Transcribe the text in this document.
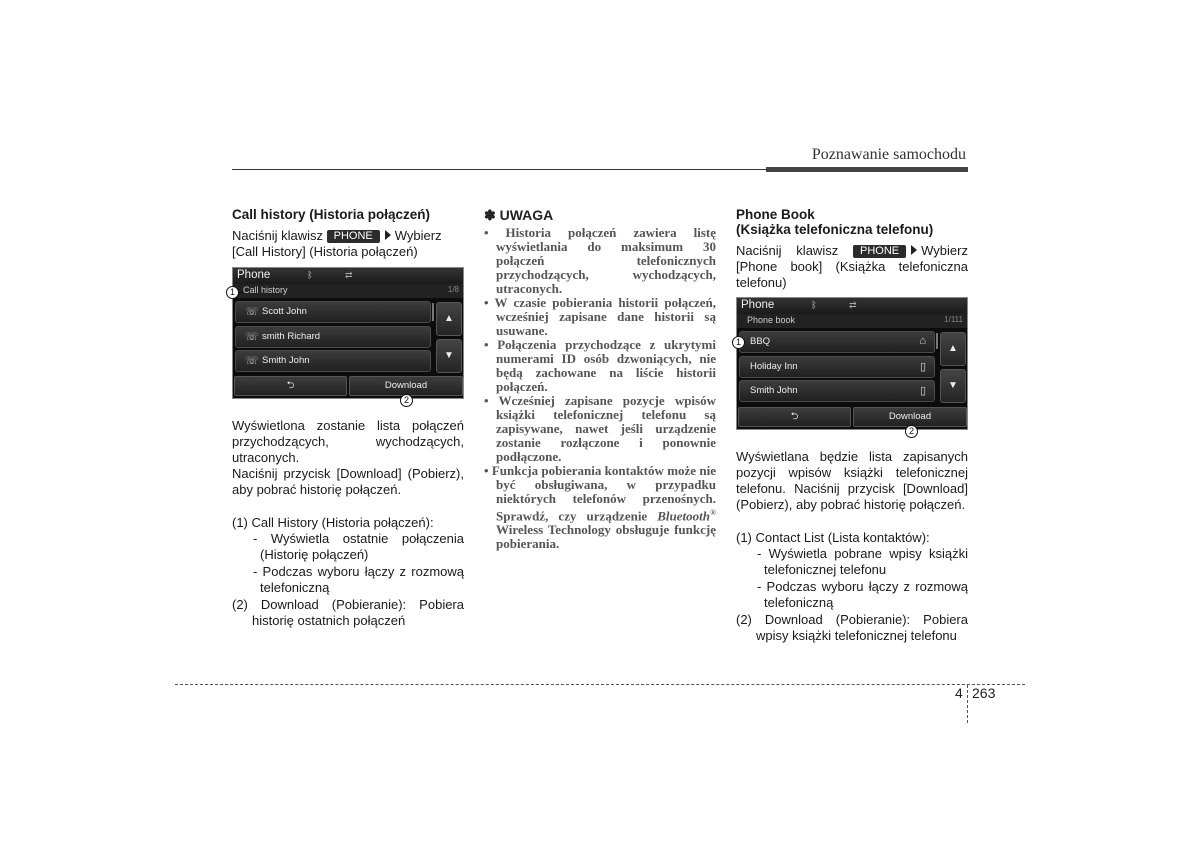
Poznawanie samochodu
Call history (Historia połączeń)

Naciśnij klawisz PHONE Wybierz [Call History] (Historia połączeń)

Phone	ᛒ	⇄
Call history	1/8
☏ Scott John
☏ smith Richard
☏ Smith John
▲
▼
⮌	Download
1
2

Wyświetlona zostanie lista połączeń przychodzących, wychodzących, utraconych.

Naciśnij przycisk [Download] (Pobierz), aby pobrać historię połączeń.

(1) Call History (Historia połączeń):

- Wyświetla ostatnie połączenia (Historię połączeń)

- Podczas wyboru łączy z rozmową telefoniczną

(2) Download (Pobieranie): Pobiera historię ostatnich połączeń

✽ UWAGA

• Historia połączeń zawiera listę wyświetlania do maksimum 30 połączeń telefonicznych przychodzących, wychodzących, utraconych.

• W czasie pobierania historii połączeń, wcześniej zapisane dane historii są usuwane.

• Połączenia przychodzące z ukrytymi numerami ID osób dzwoniących, nie będą zachowane na liście historii połączeń.

• Wcześniej zapisane pozycje wpisów książki telefonicznej telefonu są zapisywane, nawet jeśli urządzenie zostanie rozłączone i ponownie podłączone.

• Funkcja pobierania kontaktów może nie być obsługiwana, w przypadku niektórych telefonów przenośnych. Sprawdź, czy urządzenie Bluetooth® Wireless Technology obsługuje funkcję pobierania.

Phone Book
(Książka telefoniczna telefonu)

Naciśnij klawisz PHONE Wybierz [Phone book] (Książka telefoniczna telefonu)

Phone	ᛒ	⇄
Phone book	1/111
BBQ	⌂
Holiday Inn	▯
Smith John	▯
▲
▼
⮌	Download
1
2

Wyświetlana będzie lista zapisanych pozycji wpisów książki telefonicznej telefonu. Naciśnij przycisk [Download] (Pobierz), aby pobrać historię połączeń.

(1) Contact List (Lista kontaktów):

- Wyświetla pobrane wpisy książki telefonicznej telefonu

- Podczas wyboru łączy z rozmową telefoniczną

(2) Download (Pobieranie): Pobiera wpisy książki telefonicznej telefonu

4 263
